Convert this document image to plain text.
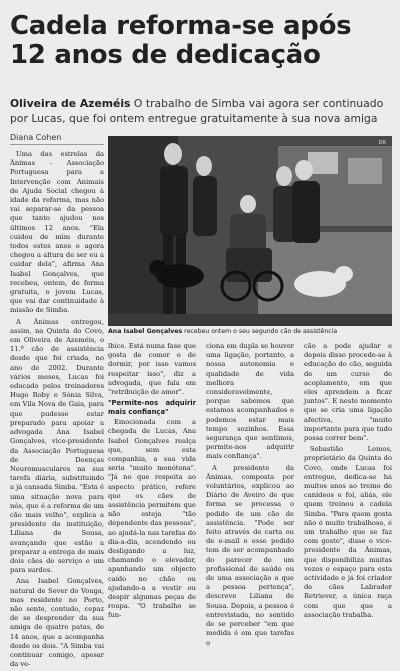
Cadela reforma-se após
12 anos de dedicação
Oliveira de Azeméis O trabalho de Simba vai agora ser continuado por Lucas, que foi ontem entregue gratuitamente à sua nova amiga
Diana Cohen

Uma das estrelas da Ânimas - Associação Portuguesa para a Intervenção com Animais de Ajuda Social chegou à idade da reforma, mas não vai separar-se da pessoa que tanto ajudou nos últimos 12 anos. "Ela cuidou de mim durante todos estes anos e agora chegou a altura de ser eu a cuidar dela", afirma Ana Isabel Gonçalves, que recebeu, ontem, de forma gratuita, o jovem Lucas, que vai dar continuidade à missão de Simba.

A Ânimas entregou, assim, na Quinta do Covo, em Oliveira de Azeméis, o 11.º cão de assistência desde que foi criada, no ano de 2002. Durante vários meses, Lucas foi educado pelos treinadores Hugo Roby e Sónia Silva, em Vila Nova de Gaia, para que pudesse estar preparado para apoiar a advogada Ana Isabel Gonçalves, vice-presidente da Associação Portuguesa de Doenças Neuromusculares na sua tarefa diária, substituindo a já cansada Simba. "Esta é uma situação nova para nós, que é a reforma de um cão mais velho", explica a presidente da instituição, Liliana de Sousa, avançando que estão a preparar a entrega de mais dois cães de serviço e um para surdos.

Ana Isabel Gonçalves, natural de Sever do Vouga, mas residente no Porto, não sente, contudo, cepaz de se desprender da sua amiga de quatro patas, de 14 anos, que a acompanha desde os dois. "A Simba vai continuar comigo, apesar da ve-

DR
Ana Isabel Gonçalves recebeu ontem o seu segundo cão de assistência

lhice. Está numa fase que gosta de comer e de dormir, por isso vamos respeitar isso", diz a advogada, que fala em "retribuição de amor".

"Permite-nos adquirir mais confiança"

Emocionada com a chegada de Lucas, Ana Isabel Gonçalves realça que, sem esta companhia, a sua vida seria "muito monótona". "Já no que respeita ao aspecto prático, refere que os cães de assistência permitem que não esteja "tão dependente das pessoas", ao ajudá-la nas tarefas do dia-a-dia, acendendo ou desligando a luz, chamando o elevador, apanhando um objecto caído no chão ou ajudando-a a vestir ou despir algumas peças de roupa. "O trabalho se fun-

ciona em dupla se houver uma ligação, portanto, a nossa autonomia e qualidade de vida melhora consideravelmente, porque sabemos que estamos acompanhados e podemos estar mais tempo sozinhos. Essa segurança que sentimos, permite-nos adquirir mais confiança".

A presidente da Ânimas, composta por voluntários, explicou ao Diário de Aveiro de que forma se processa o pedido de um cão de assistência. "Pode ser feito através de carta ou de e-mail e esse pedido tem de ser acompanhado do parecer de um profissional de saúde ou de uma associação a que a pessoa pertença", descreve Liliana de Sousa. Depois, a pessoa é entrevistada, no sentido de se perceber "em que medida é em que tarefas o

cão a pode ajudar e depois disso procede-se à educação do cão, seguida de um curso de acoplamento, em que eles aprendem a ficar juntos". E neste momento que se cria uma ligação afectiva, "muito importante para que tudo possa correr bem".

Sebastião Lemos, proprietário da Quinta do Covo, onde Lucas foi entregue, dedica-se há muitos anos ao treino de canídeos e foi, aliás, ele quem treinou a cadela Simba. "Para quem gosta não é muito trabalhoso, é um trabalho que se faz com gosto", disse o vice-presidente da Ânimas, que disponibiliza muitas vezes o espaço para esta actividade e já foi criador de cães Labrador Retriever, a única raça com que que a associação trabalha.
